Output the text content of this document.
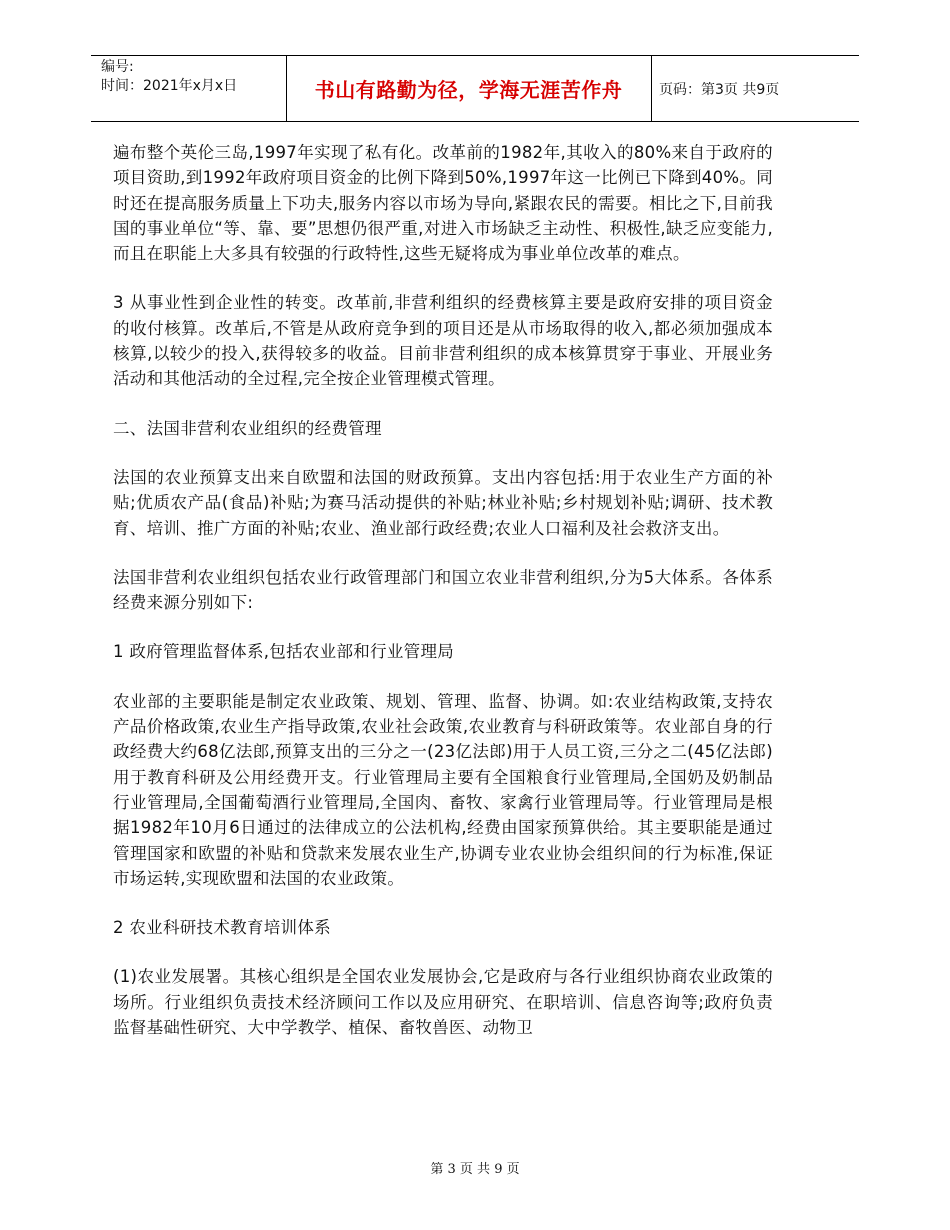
编号:
时间：2021年x月x日	书山有路勤为径，学海无涯苦作舟	页码：第3页 共9页

遍布整个英伦三岛,1997年实现了私有化。改革前的1982年,其收入的80%来自于政府的项目资助,到1992年政府项目资金的比例下降到50%,1997年这一比例已下降到40%。同时还在提高服务质量上下功夫,服务内容以市场为导向,紧跟农民的需要。相比之下,目前我国的事业单位“等、靠、要”思想仍很严重,对进入市场缺乏主动性、积极性,缺乏应变能力,而且在职能上大多具有较强的行政特性,这些无疑将成为事业单位改革的难点。

3 从事业性到企业性的转变。改革前,非营利组织的经费核算主要是政府安排的项目资金的收付核算。改革后,不管是从政府竞争到的项目还是从市场取得的收入,都必须加强成本核算,以较少的投入,获得较多的收益。目前非营利组织的成本核算贯穿于事业、开展业务活动和其他活动的全过程,完全按企业管理模式管理。

二、法国非营利农业组织的经费管理

法国的农业预算支出来自欧盟和法国的财政预算。支出内容包括:用于农业生产方面的补贴;优质农产品(食品)补贴;为赛马活动提供的补贴;林业补贴;乡村规划补贴;调研、技术教育、培训、推广方面的补贴;农业、渔业部行政经费;农业人口福利及社会救济支出。

法国非营利农业组织包括农业行政管理部门和国立农业非营利组织,分为5大体系。各体系经费来源分别如下:

1 政府管理监督体系,包括农业部和行业管理局

农业部的主要职能是制定农业政策、规划、管理、监督、协调。如:农业结构政策,支持农产品价格政策,农业生产指导政策,农业社会政策,农业教育与科研政策等。农业部自身的行政经费大约68亿法郎,预算支出的三分之一(23亿法郎)用于人员工资,三分之二(45亿法郎)用于教育科研及公用经费开支。行业管理局主要有全国粮食行业管理局,全国奶及奶制品行业管理局,全国葡萄酒行业管理局,全国肉、畜牧、家禽行业管理局等。行业管理局是根据1982年10月6日通过的法律成立的公法机构,经费由国家预算供给。其主要职能是通过管理国家和欧盟的补贴和贷款来发展农业生产,协调专业农业协会组织间的行为标准,保证市场运转,实现欧盟和法国的农业政策。

2 农业科研技术教育培训体系

(1)农业发展署。其核心组织是全国农业发展协会,它是政府与各行业组织协商农业政策的场所。行业组织负责技术经济顾问工作以及应用研究、在职培训、信息咨询等;政府负责监督基础性研究、大中学教学、植保、畜牧兽医、动物卫

第 3 页 共 9 页
